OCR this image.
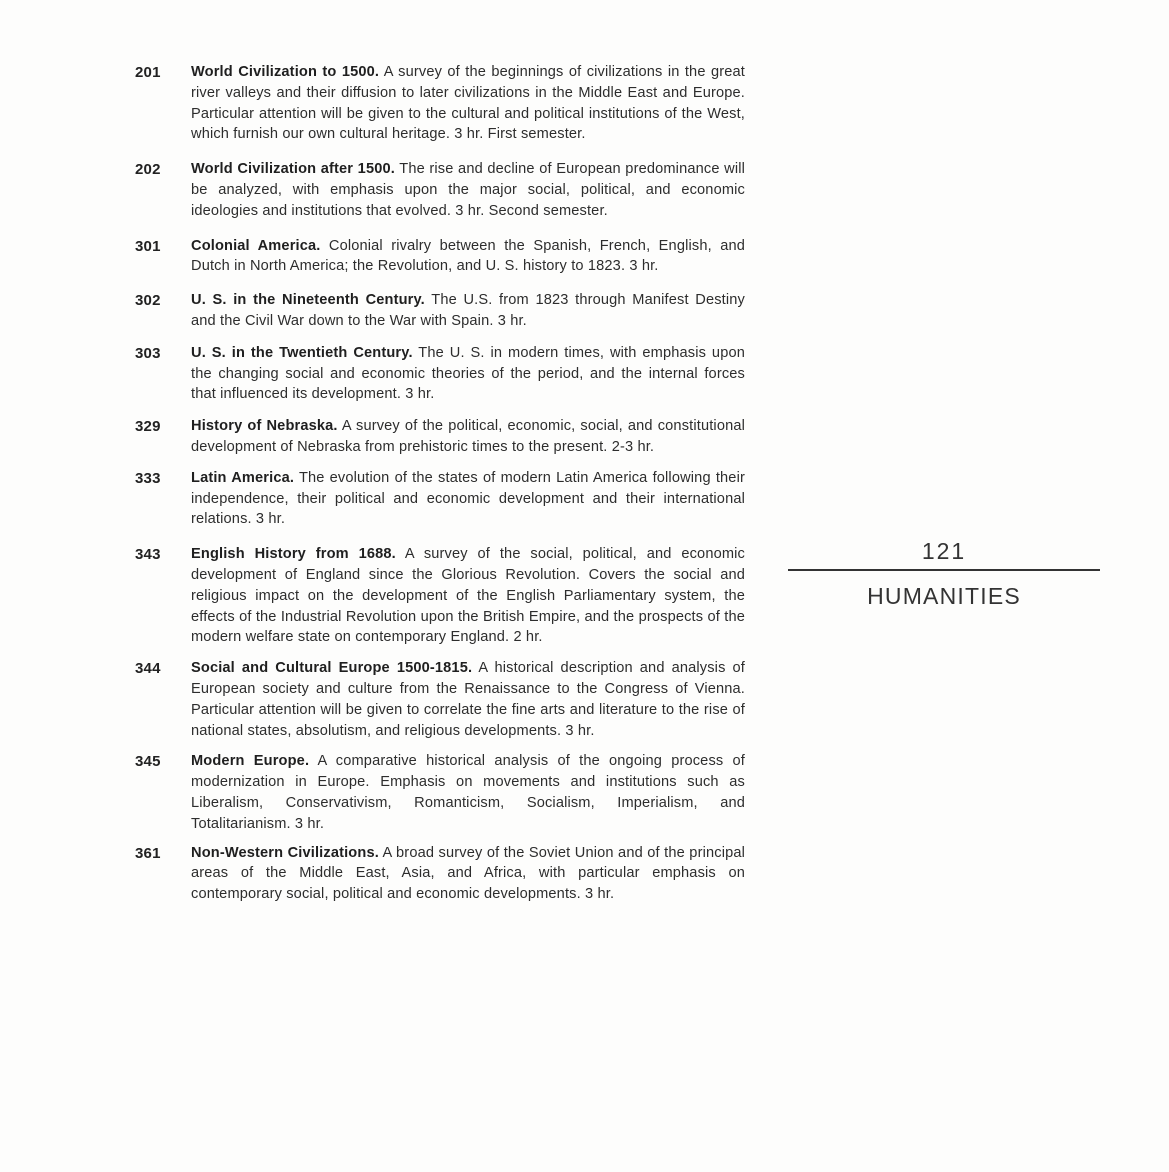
201	World Civilization to 1500. A survey of the beginnings of civilizations in the great river valleys and their diffusion to later civilizations in the Middle East and Europe. Particular attention will be given to the cultural and political institutions of the West, which furnish our own cultural heritage. 3 hr. First semester.
202	World Civilization after 1500. The rise and decline of European predominance will be analyzed, with emphasis upon the major social, political, and economic ideologies and institutions that evolved. 3 hr. Second semester.
301	Colonial America. Colonial rivalry between the Spanish, French, English, and Dutch in North America; the Revolution, and U. S. history to 1823. 3 hr.
302	U. S. in the Nineteenth Century. The U.S. from 1823 through Manifest Destiny and the Civil War down to the War with Spain. 3 hr.
303	U. S. in the Twentieth Century. The U. S. in modern times, with emphasis upon the changing social and economic theories of the period, and the internal forces that influenced its development. 3 hr.
329	History of Nebraska. A survey of the political, economic, social, and constitutional development of Nebraska from prehistoric times to the present. 2-3 hr.
333	Latin America. The evolution of the states of modern Latin America following their independence, their political and economic development and their international relations. 3 hr.
343	English History from 1688. A survey of the social, political, and economic development of England since the Glorious Revolution. Covers the social and religious impact on the development of the English Parliamentary system, the effects of the Industrial Revolution upon the British Empire, and the prospects of the modern welfare state on contemporary England. 2 hr.
344	Social and Cultural Europe 1500-1815. A historical description and analysis of European society and culture from the Renaissance to the Congress of Vienna. Particular attention will be given to correlate the fine arts and literature to the rise of national states, absolutism, and religious developments. 3 hr.
345	Modern Europe. A comparative historical analysis of the ongoing process of modernization in Europe. Emphasis on movements and institutions such as Liberalism, Conservativism, Romanticism, Socialism, Imperialism, and Totalitarianism. 3 hr.
361	Non-Western Civilizations. A broad survey of the Soviet Union and of the principal areas of the Middle East, Asia, and Africa, with particular emphasis on contemporary social, political and economic developments. 3 hr.
121
HUMANITIES
